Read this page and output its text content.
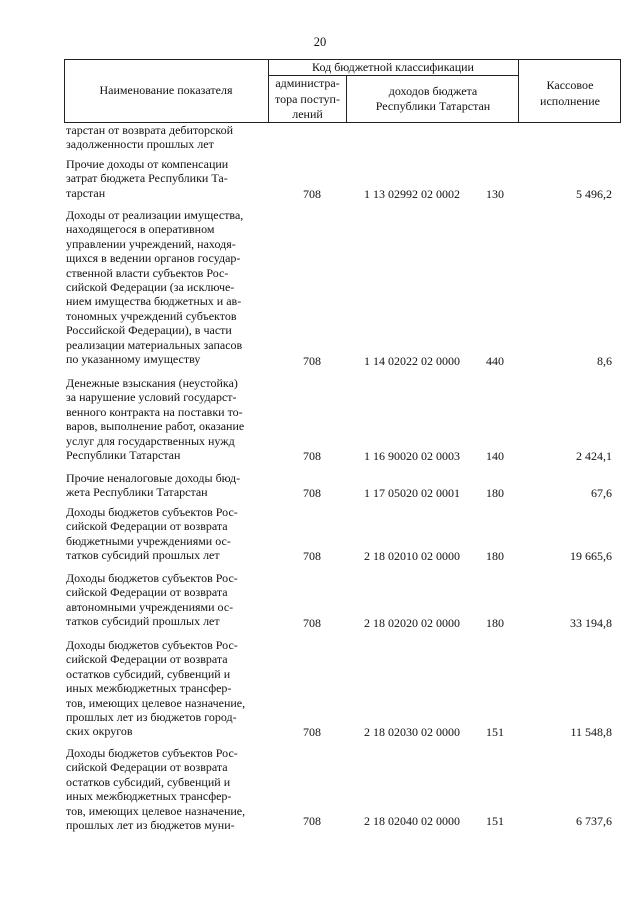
20
Наименование показателя
Код бюджетной классификации
администра-
тора поступ-
лений
доходов бюджета
Республики Татарстан
Кассовое
исполнение
тарстан от возврата дебиторской
задолженности прошлых лет
Прочие доходы от компенсации
затрат бюджета Республики Та-
тарстан	708	1 13 02992 02 0002	130	5 496,2
Доходы от реализации имущества,
находящегося в оперативном
управлении учреждений, находя-
щихся в ведении органов государ-
ственной власти субъектов Рос-
сийской Федерации (за исключе-
нием имущества бюджетных и ав-
тономных учреждений субъектов
Российской Федерации), в части
реализации материальных запасов
по указанному имуществу	708	1 14 02022 02 0000	440	8,6
Денежные взыскания (неустойка)
за нарушение условий государст-
венного контракта на поставки то-
варов, выполнение работ, оказание
услуг для государственных нужд
Республики Татарстан	708	1 16 90020 02 0003	140	2 424,1
Прочие неналоговые доходы бюд-
жета Республики Татарстан	708	1 17 05020 02 0001	180	67,6
Доходы бюджетов субъектов Рос-
сийской Федерации от возврата
бюджетными учреждениями ос-
татков субсидий прошлых лет	708	2 18 02010 02 0000	180	19 665,6
Доходы бюджетов субъектов Рос-
сийской Федерации от возврата
автономными учреждениями ос-
татков субсидий прошлых лет	708	2 18 02020 02 0000	180	33 194,8
Доходы бюджетов субъектов Рос-
сийской Федерации от возврата
остатков субсидий, субвенций и
иных межбюджетных трансфер-
тов, имеющих целевое назначение,
прошлых лет из бюджетов город-
ских округов	708	2 18 02030 02 0000	151	11 548,8
Доходы бюджетов субъектов Рос-
сийской Федерации от возврата
остатков субсидий, субвенций и
иных межбюджетных трансфер-
тов, имеющих целевое назначение,
прошлых лет из бюджетов муни-	708	2 18 02040 02 0000	151	6 737,6
